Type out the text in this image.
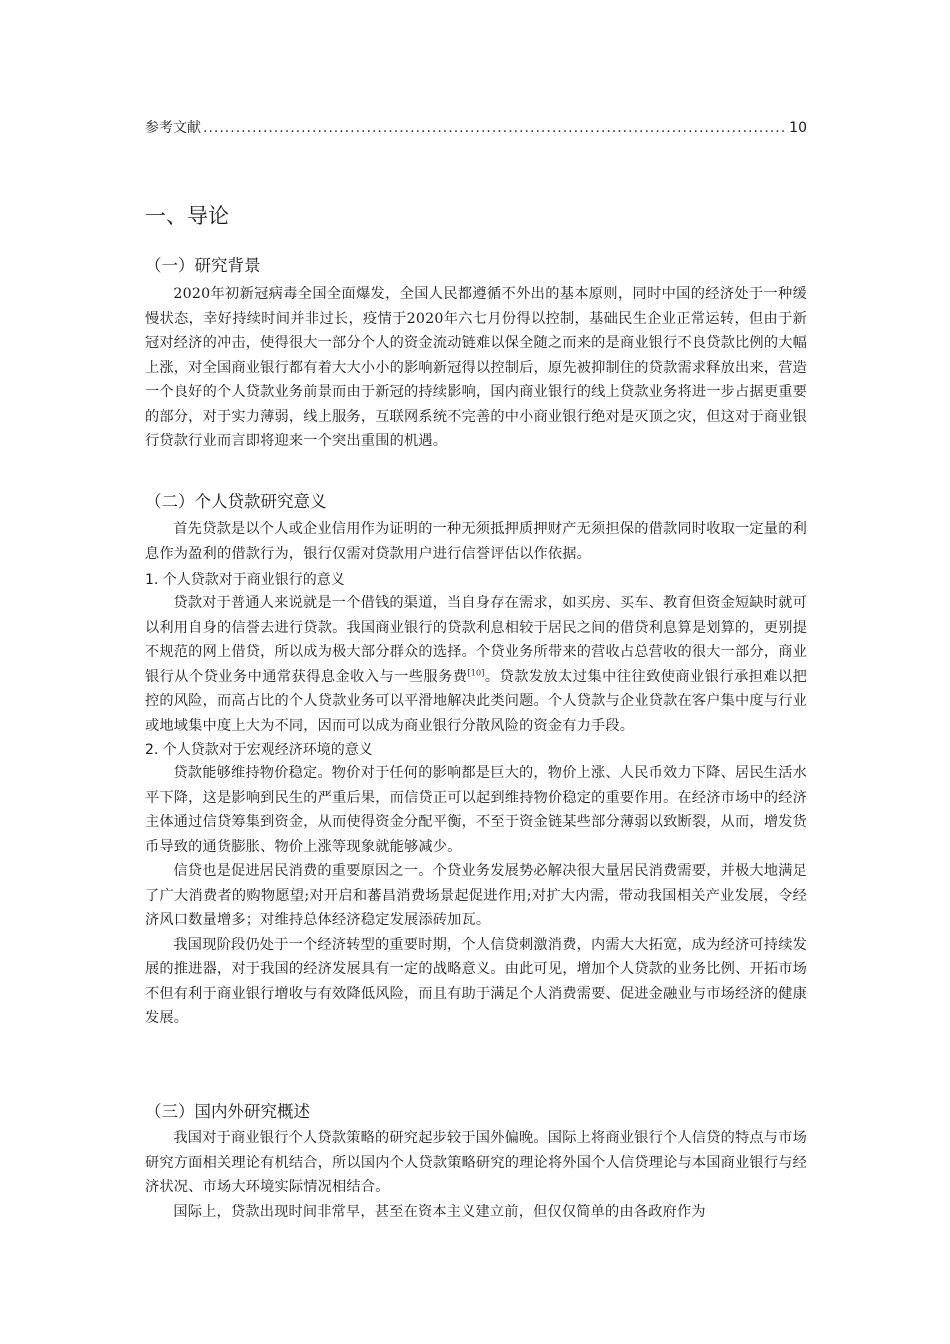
参考文献
.....	10
一、导论
（一）研究背景

2020年初新冠病毒全国全面爆发，全国人民都遵循不外出的基本原则，同时中国的经济处于一种缓慢状态，幸好持续时间并非过长，疫情于2020年六七月份得以控制，基础民生企业正常运转，但由于新冠对经济的冲击，使得很大一部分个人的资金流动链难以保全随之而来的是商业银行不良贷款比例的大幅上涨，对全国商业银行都有着大大小小的影响新冠得以控制后，原先被抑制住的贷款需求释放出来，营造一个良好的个人贷款业务前景而由于新冠的持续影响，国内商业银行的线上贷款业务将进一步占据更重要的部分，对于实力薄弱，线上服务，互联网系统不完善的中小商业银行绝对是灭顶之灾，但这对于商业银行贷款行业而言即将迎来一个突出重围的机遇。

（二）个人贷款研究意义

首先贷款是以个人或企业信用作为证明的一种无须抵押质押财产无须担保的借款同时收取一定量的利息作为盈利的借款行为，银行仅需对贷款用户进行信誉评估以作依据。

1. 个人贷款对于商业银行的意义

贷款对于普通人来说就是一个借钱的渠道，当自身存在需求，如买房、买车、教育但资金短缺时就可以利用自身的信誉去进行贷款。我国商业银行的贷款利息相较于居民之间的借贷利息算是划算的，更别提不规范的网上借贷，所以成为极大部分群众的选择。个贷业务所带来的营收占总营收的很大一部分，商业银行从个贷业务中通常获得息金收入与一些服务费[10]。贷款发放太过集中往往致使商业银行承担难以把控的风险，而高占比的个人贷款业务可以平滑地解决此类问题。个人贷款与企业贷款在客户集中度与行业或地域集中度上大为不同，因而可以成为商业银行分散风险的资金有力手段。

2. 个人贷款对于宏观经济环境的意义

贷款能够维持物价稳定。物价对于任何的影响都是巨大的，物价上涨、人民币效力下降、居民生活水平下降，这是影响到民生的严重后果，而信贷正可以起到维持物价稳定的重要作用。在经济市场中的经济主体通过信贷筹集到资金，从而使得资金分配平衡，不至于资金链某些部分薄弱以致断裂，从而，增发货币导致的通货膨胀、物价上涨等现象就能够减少。

信贷也是促进居民消费的重要原因之一。个贷业务发展势必解决很大量居民消费需要，并极大地满足了广大消费者的购物愿望;对开启和蕃昌消费场景起促进作用;对扩大内需，带动我国相关产业发展，令经济风口数量增多；对维持总体经济稳定发展添砖加瓦。

我国现阶段仍处于一个经济转型的重要时期，个人信贷刺激消费，内需大大拓宽，成为经济可持续发展的推进器，对于我国的经济发展具有一定的战略意义。由此可见，增加个人贷款的业务比例、开拓市场不但有利于商业银行增收与有效降低风险，而且有助于满足个人消费需要、促进金融业与市场经济的健康发展。

（三）国内外研究概述

我国对于商业银行个人贷款策略的研究起步较于国外偏晚。国际上将商业银行个人信贷的特点与市场研究方面相关理论有机结合，所以国内个人贷款策略研究的理论将外国个人信贷理论与本国商业银行与经济状况、市场大环境实际情况相结合。

国际上，贷款出现时间非常早，甚至在资本主义建立前，但仅仅简单的由各政府作为
